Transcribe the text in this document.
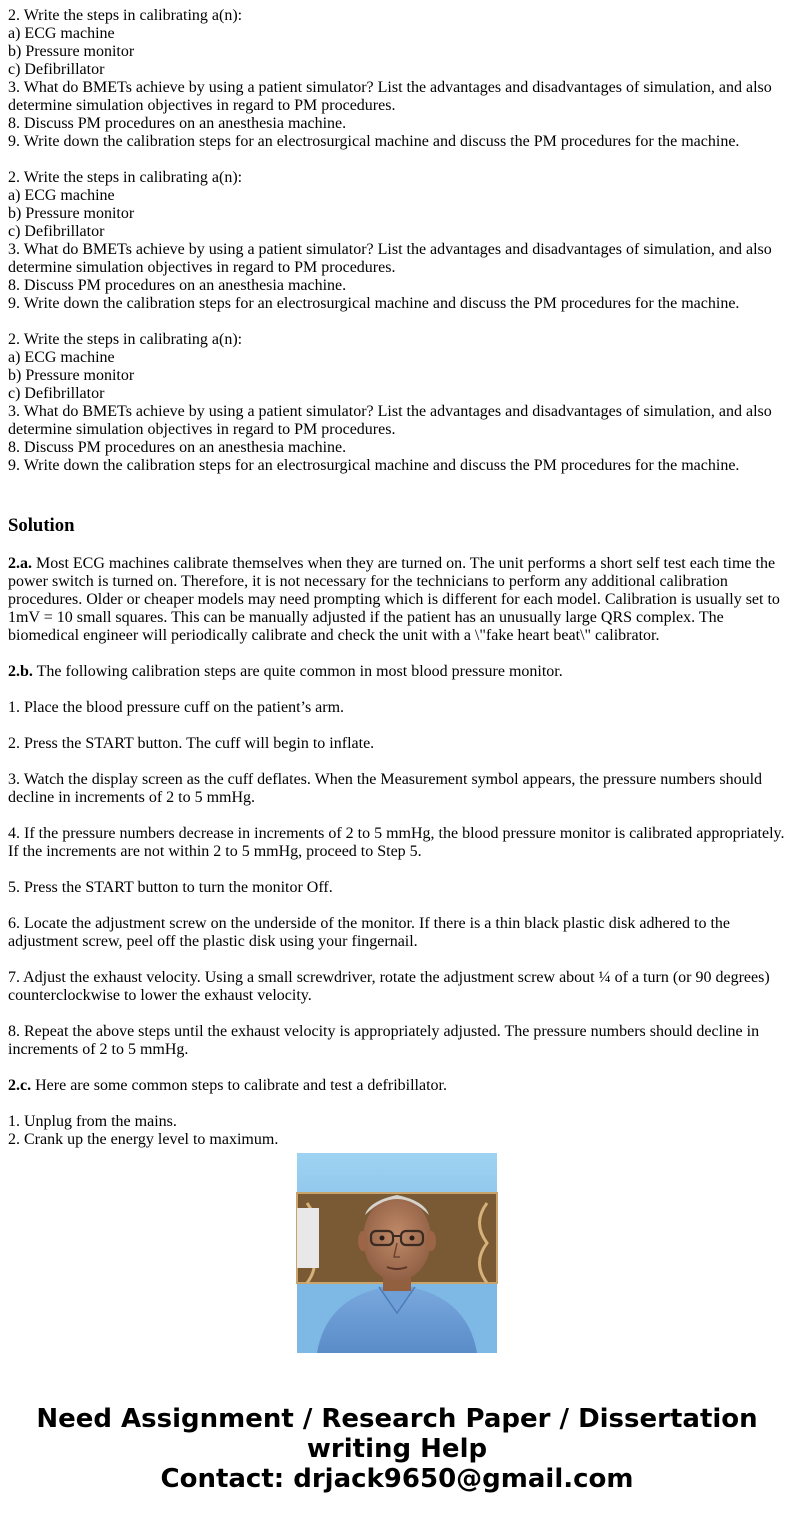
2. Write the steps in calibrating a(n):
a) ECG machine
b) Pressure monitor
c) Defibrillator
3. What do BMETs achieve by using a patient simulator? List the advantages and disadvantages of simulation, and also determine simulation objectives in regard to PM procedures.
8. Discuss PM procedures on an anesthesia machine.
9. Write down the calibration steps for an electrosurgical machine and discuss the PM procedures for the machine.
2. Write the steps in calibrating a(n):
a) ECG machine
b) Pressure monitor
c) Defibrillator
3. What do BMETs achieve by using a patient simulator? List the advantages and disadvantages of simulation, and also determine simulation objectives in regard to PM procedures.
8. Discuss PM procedures on an anesthesia machine.
9. Write down the calibration steps for an electrosurgical machine and discuss the PM procedures for the machine.
2. Write the steps in calibrating a(n):
a) ECG machine
b) Pressure monitor
c) Defibrillator
3. What do BMETs achieve by using a patient simulator? List the advantages and disadvantages of simulation, and also determine simulation objectives in regard to PM procedures.
8. Discuss PM procedures on an anesthesia machine.
9. Write down the calibration steps for an electrosurgical machine and discuss the PM procedures for the machine.
Solution
2.a. Most ECG machines calibrate themselves when they are turned on. The unit performs a short self test each time the power switch is turned on. Therefore, it is not necessary for the technicians to perform any additional calibration procedures. Older or cheaper models may need prompting which is different for each model. Calibration is usually set to 1mV = 10 small squares. This can be manually adjusted if the patient has an unusually large QRS complex. The biomedical engineer will periodically calibrate and check the unit with a \"fake heart beat\" calibrator.
2.b. The following calibration steps are quite common in most blood pressure monitor.
1. Place the blood pressure cuff on the patient’s arm.
2. Press the START button. The cuff will begin to inflate.
3. Watch the display screen as the cuff deflates. When the Measurement symbol appears, the pressure numbers should decline in increments of 2 to 5 mmHg.
4. If the pressure numbers decrease in increments of 2 to 5 mmHg, the blood pressure monitor is calibrated appropriately. If the increments are not within 2 to 5 mmHg, proceed to Step 5.
5. Press the START button to turn the monitor Off.
6. Locate the adjustment screw on the underside of the monitor. If there is a thin black plastic disk adhered to the adjustment screw, peel off the plastic disk using your fingernail.
7. Adjust the exhaust velocity. Using a small screwdriver, rotate the adjustment screw about ¼ of a turn (or 90 degrees) counterclockwise to lower the exhaust velocity.
8. Repeat the above steps until the exhaust velocity is appropriately adjusted. The pressure numbers should decline in increments of 2 to 5 mmHg.
2.c. Here are some common steps to calibrate and test a defribillator.
1. Unplug from the mains.
2. Crank up the energy level to maximum.
Need Assignment / Research Paper / Dissertation
writing Help
Contact: drjack9650@gmail.com
